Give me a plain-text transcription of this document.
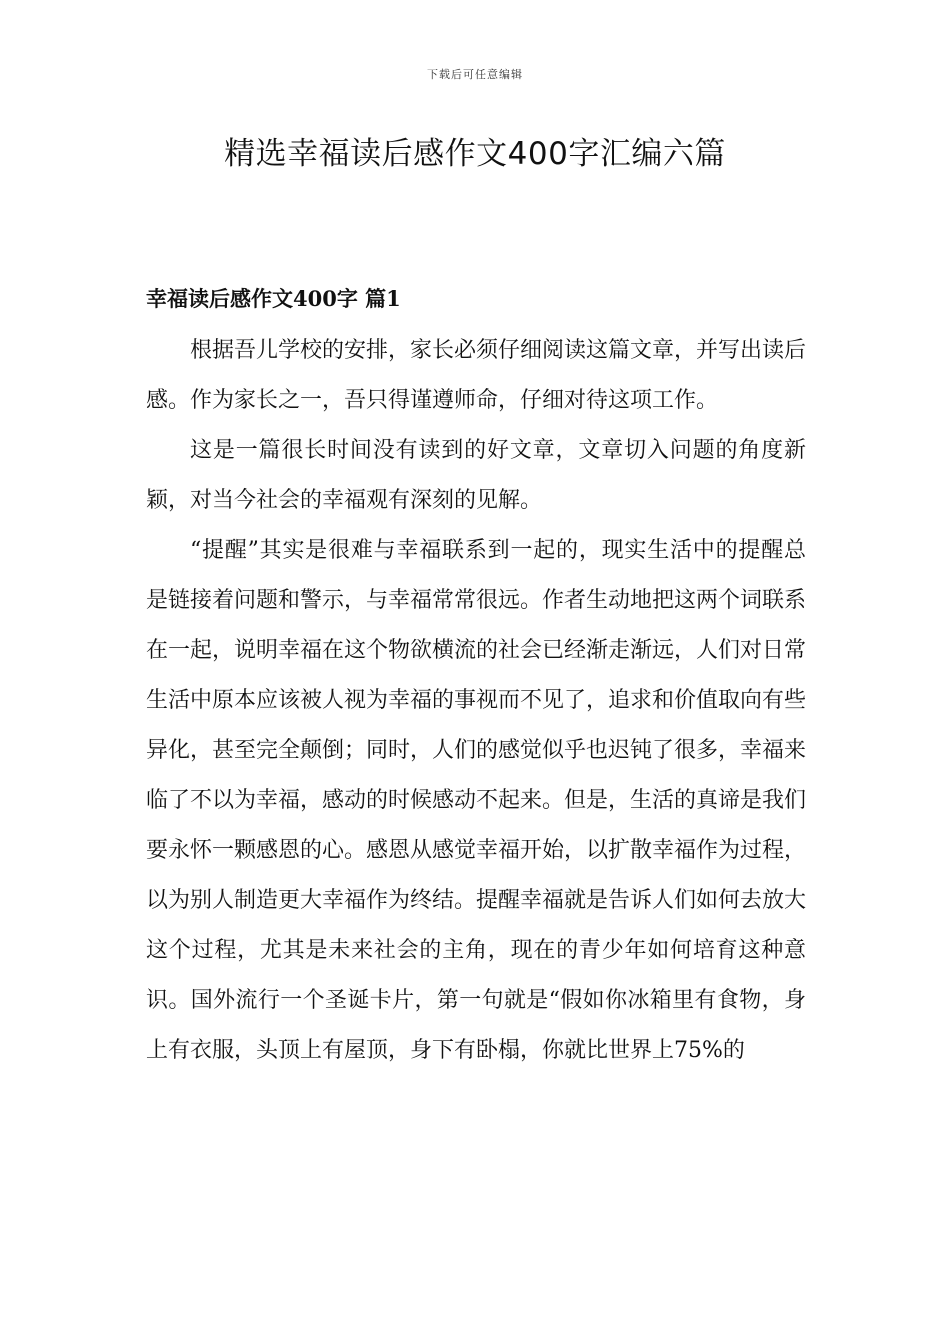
下载后可任意编辑
精选幸福读后感作文400字汇编六篇
幸福读后感作文400字 篇1

根据吾儿学校的安排，家长必须仔细阅读这篇文章，并写出读后感。作为家长之一，吾只得谨遵师命，仔细对待这项工作。

这是一篇很长时间没有读到的好文章，文章切入问题的角度新颖，对当今社会的幸福观有深刻的见解。

“提醒”其实是很难与幸福联系到一起的，现实生活中的提醒总是链接着问题和警示，与幸福常常很远。作者生动地把这两个词联系在一起，说明幸福在这个物欲横流的社会已经渐走渐远，人们对日常生活中原本应该被人视为幸福的事视而不见了，追求和价值取向有些异化，甚至完全颠倒；同时，人们的感觉似乎也迟钝了很多，幸福来临了不以为幸福，感动的时候感动不起来。但是，生活的真谛是我们要永怀一颗感恩的心。感恩从感觉幸福开始，以扩散幸福作为过程，以为别人制造更大幸福作为终结。提醒幸福就是告诉人们如何去放大这个过程，尤其是未来社会的主角，现在的青少年如何培育这种意识。国外流行一个圣诞卡片，第一句就是“假如你冰箱里有食物，身上有衣服，头顶上有屋顶，身下有卧榻，你就比世界上75%的
